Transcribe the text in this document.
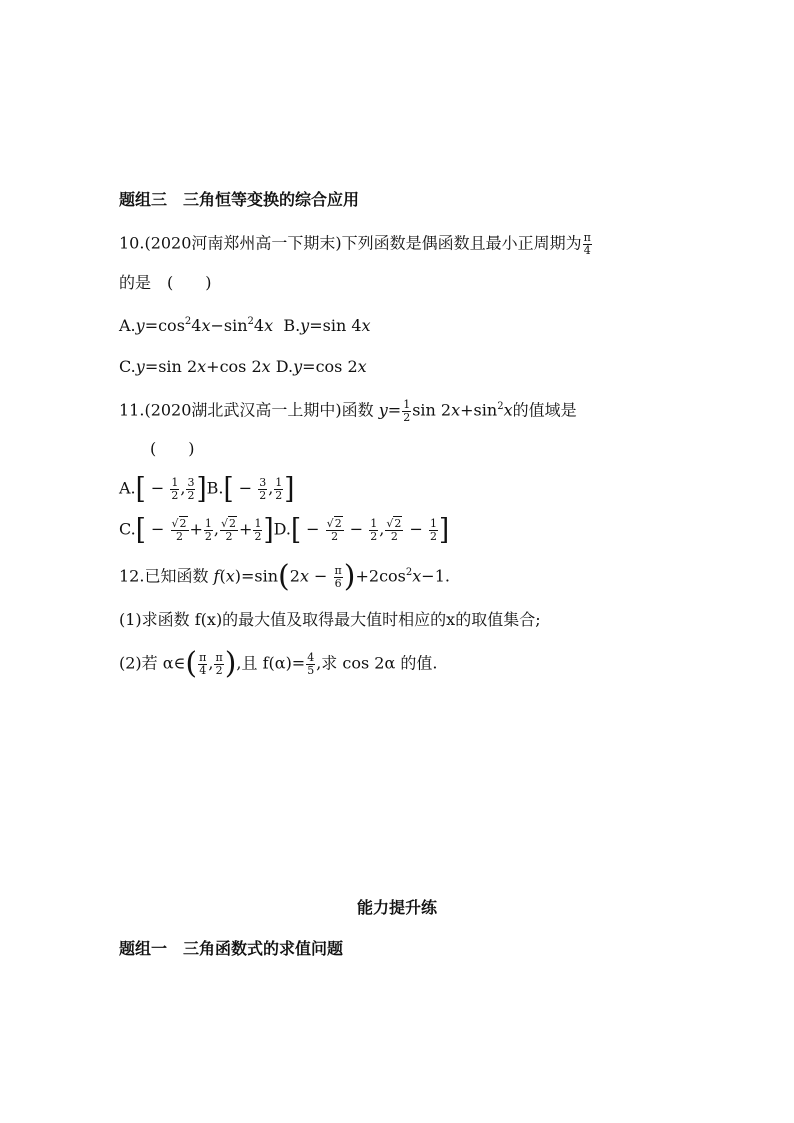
题组三　三角恒等变换的综合应用
10.(2020河南郑州高一下期末)下列函数是偶函数且最小正周期为 $\frac{\pi}{4}$
的是　(　　)
$A.y=\cos^24x-\sin^24x$ B.y=sin 4x
C.y=sin 2x+cos 2x D.y=cos 2x
11.(2020湖北武汉高一上期中)函数 $y= \frac{1}{2}$ $\sin 2x+\sin^2x$的值域是
(　　)
$A.[ - \frac{1}{2}$ , $\frac{3}{2} ]B.[ - \frac{3}{2}$ , $\frac{1}{2}$ ]
$C.[ - \frac{√2}{2} + \frac{1}{2}$ , $\frac{√2}{2} + \frac{1}{2} ]D.[ - \frac{√2}{2} - \frac{1}{2}$ , $\frac{√2}{2} - \frac{1}{2}$ ]
12.已知函数 $f(x)=\sin(2x - \frac{\pi}{6} )+2\cos^2x-1$.
(1)求函数 f(x)的最大值及取得最大值时相应的x的取值集合;
(2)若 α∈( $\frac{\pi}{4}$ , $\frac{\pi}{2}$ ),且 $f(\alpha)= \frac{4}{5}$ ,求 cos 2α 的值.
能力提升练
题组一　三角函数式的求值问题
